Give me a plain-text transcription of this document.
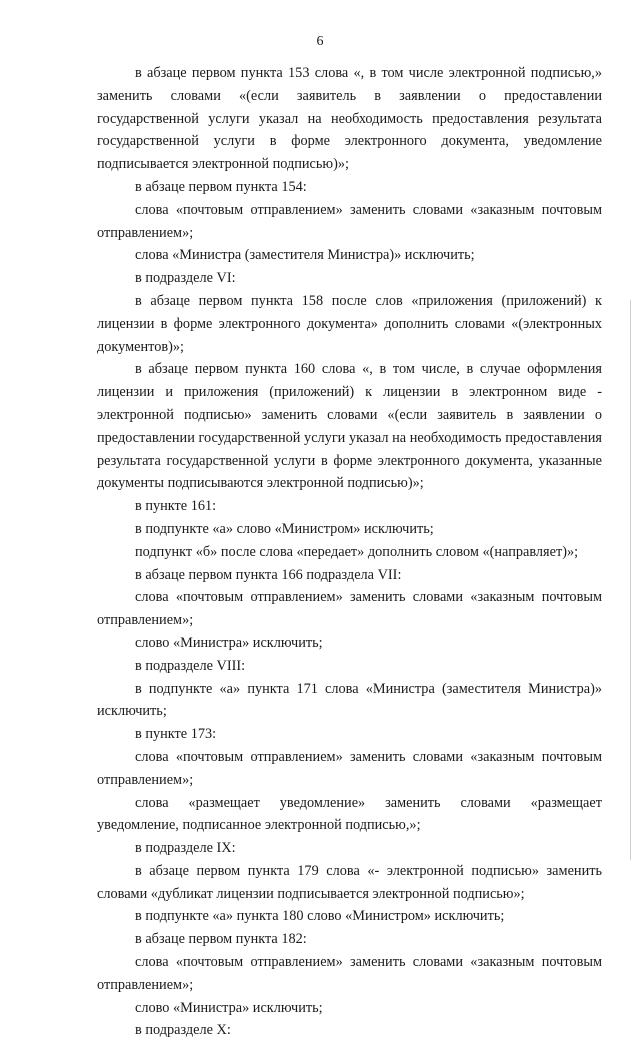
6

в абзаце первом пункта 153 слова «, в том числе электронной подписью,» заменить словами «(если заявитель в заявлении о предоставлении государственной услуги указал на необходимость предоставления результата государственной услуги в форме электронного документа, уведомление подписывается электронной подписью)»;

в абзаце первом пункта 154:

слова «почтовым отправлением» заменить словами «заказным почтовым отправлением»;

слова «Министра (заместителя Министра)» исключить;

в подразделе VI:

в абзаце первом пункта 158 после слов «приложения (приложений) к лицензии в форме электронного документа» дополнить словами «(электронных документов)»;

в абзаце первом пункта 160 слова «, в том числе, в случае оформления лицензии и приложения (приложений) к лицензии в электронном виде - электронной подписью» заменить словами «(если заявитель в заявлении о предоставлении государственной услуги указал на необходимость предоставления результата государственной услуги в форме электронного документа, указанные документы подписываются электронной подписью)»;

в пункте 161:

в подпункте «а» слово «Министром» исключить;

подпункт «б» после слова «передает» дополнить словом «(направляет)»;

в абзаце первом пункта 166 подраздела VII:

слова «почтовым отправлением» заменить словами «заказным почтовым отправлением»;

слово «Министра» исключить;

в подразделе VIII:

в подпункте «а» пункта 171 слова «Министра (заместителя Министра)» исключить;

в пункте 173:

слова «почтовым отправлением» заменить словами «заказным почтовым отправлением»;

слова «размещает уведомление» заменить словами «размещает уведомление, подписанное электронной подписью,»;

в подразделе IX:

в абзаце первом пункта 179 слова «- электронной подписью» заменить словами «дубликат лицензии подписывается электронной подписью»;

в подпункте «а» пункта 180 слово «Министром» исключить;

в абзаце первом пункта 182:

слова «почтовым отправлением» заменить словами «заказным почтовым отправлением»;

слово «Министра» исключить;

в подразделе X:
